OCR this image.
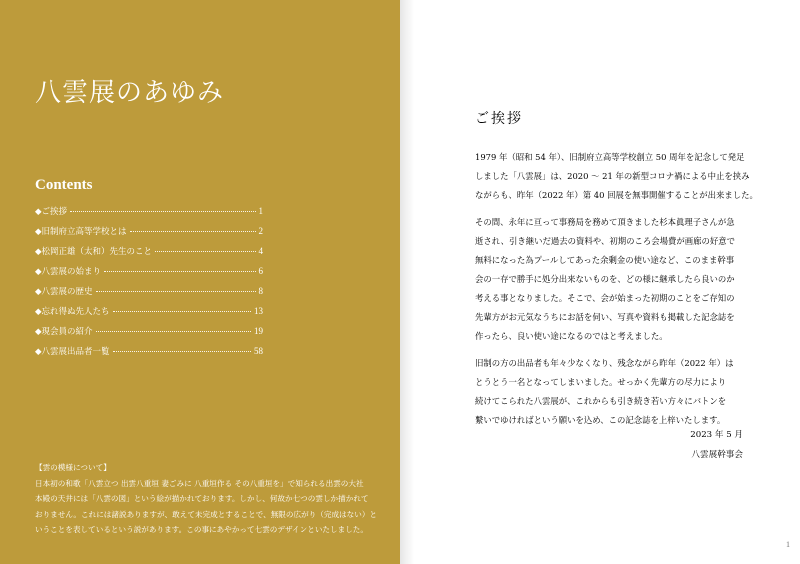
八雲展のあゆみ
Contents
◆ご挨拶	1
◆旧制府立高等学校とは	2
◆松岡正雄（太和）先生のこと	4
◆八雲展の始まり	6
◆八雲展の歴史	8
◆忘れ得ぬ先人たち	13
◆現会員の紹介	19
◆八雲展出品者一覧	58

【雲の模様について】

日本初の和歌「八雲立つ 出雲八重垣 妻ごみに 八重垣作る その八重垣を」で知られる出雲の大社

本殿の天井には「八雲の図」という絵が描かれております。しかし、何故か七つの雲しか描かれて

おりません。これには諸説ありますが、敢えて未完成とすることで、無限の広がり（完成はない）と

いうことを表しているという説があります。この事にあやかって七雲のデザインといたしました。

ご挨拶
1979 年（昭和 54 年）、旧制府立高等学校創立 50 周年を記念して発足
しました「八雲展」は、2020 ～ 21 年の新型コロナ禍による中止を挟み
ながらも、昨年（2022 年）第 40 回展を無事開催することが出来ました。
その間、永年に亘って事務局を務めて頂きました杉本眞理子さんが急
逝され、引き継いだ過去の資料や、初期のころ会場費が画廊の好意で
無料になった為プールしてあった余剰金の使い途など、このまま幹事
会の一存で勝手に処分出来ないものを、どの様に継承したら良いのか
考える事となりました。そこで、会が始まった初期のことをご存知の
先輩方がお元気なうちにお話を伺い、写真や資料も掲載した記念誌を
作ったら、良い使い途になるのではと考えました。
旧制の方の出品者も年々少なくなり、残念ながら昨年（2022 年）は
とうとう一名となってしまいました。せっかく先輩方の尽力により
続けてこられた八雲展が、これからも引き続き若い方々にバトンを
繋いでゆければという願いを込め、この記念誌を上梓いたします。
2023 年 5 月
八雲展幹事会
1
